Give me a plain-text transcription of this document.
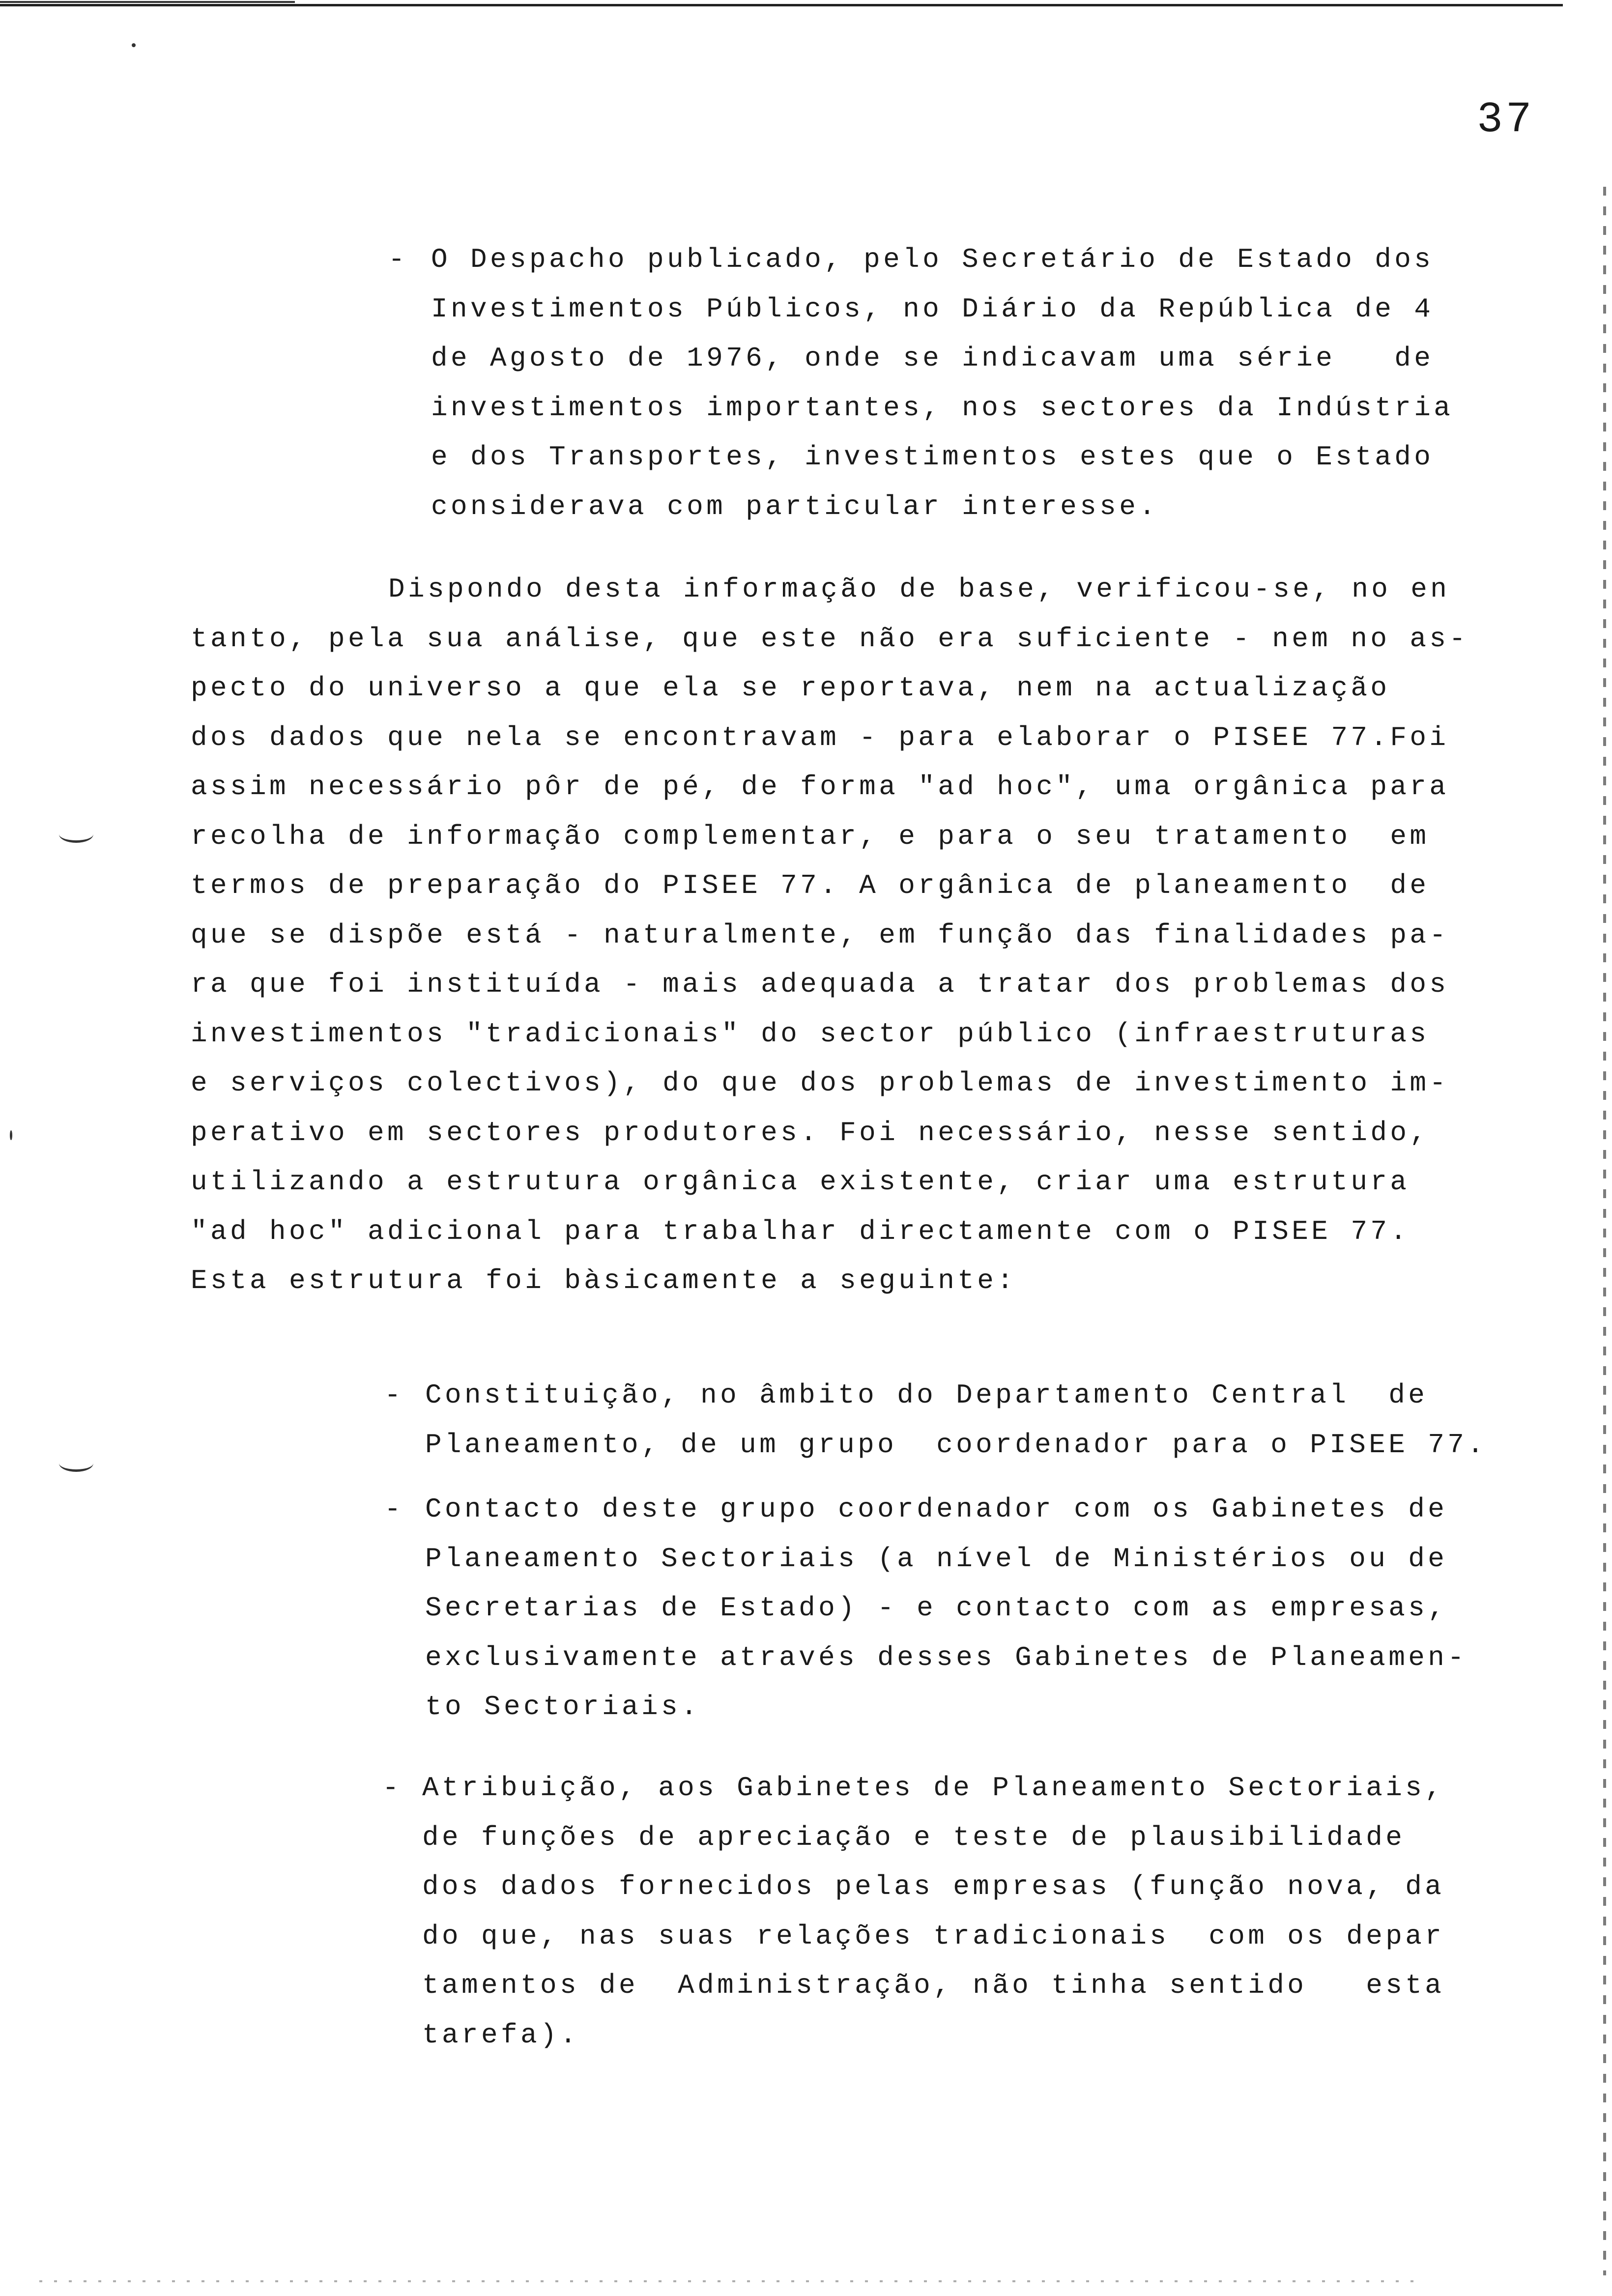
37
- O Despacho publicado, pelo Secretário de Estado dos
Investimentos Públicos, no Diário da República de 4
de Agosto de 1976, onde se indicavam uma série   de
investimentos importantes, nos sectores da Indústria
e dos Transportes, investimentos estes que o Estado
considerava com particular interesse.
Dispondo desta informação de base, verificou-se, no en
tanto, pela sua análise, que este não era suficiente - nem no as-
pecto do universo a que ela se reportava, nem na actualização
dos dados que nela se encontravam - para elaborar o PISEE 77.Foi
assim necessário pôr de pé, de forma "ad hoc", uma orgânica para
recolha de informação complementar, e para o seu tratamento  em
termos de preparação do PISEE 77. A orgânica de planeamento  de
que se dispõe está - naturalmente, em função das finalidades pa-
ra que foi instituída - mais adequada a tratar dos problemas dos
investimentos "tradicionais" do sector público (infraestruturas
e serviços colectivos), do que dos problemas de investimento im-
perativo em sectores produtores. Foi necessário, nesse sentido,
utilizando a estrutura orgânica existente, criar uma estrutura
"ad hoc" adicional para trabalhar directamente com o PISEE 77.
Esta estrutura foi bàsicamente a seguinte:
- Constituição, no âmbito do Departamento Central  de
Planeamento, de um grupo  coordenador para o PISEE 77.
- Contacto deste grupo coordenador com os Gabinetes de
Planeamento Sectoriais (a nível de Ministérios ou de
Secretarias de Estado) - e contacto com as empresas,
exclusivamente através desses Gabinetes de Planeamen-
to Sectoriais.
- Atribuição, aos Gabinetes de Planeamento Sectoriais,
de funções de apreciação e teste de plausibilidade
dos dados fornecidos pelas empresas (função nova, da
do que, nas suas relações tradicionais  com os depar
tamentos de  Administração, não tinha sentido   esta
tarefa).
